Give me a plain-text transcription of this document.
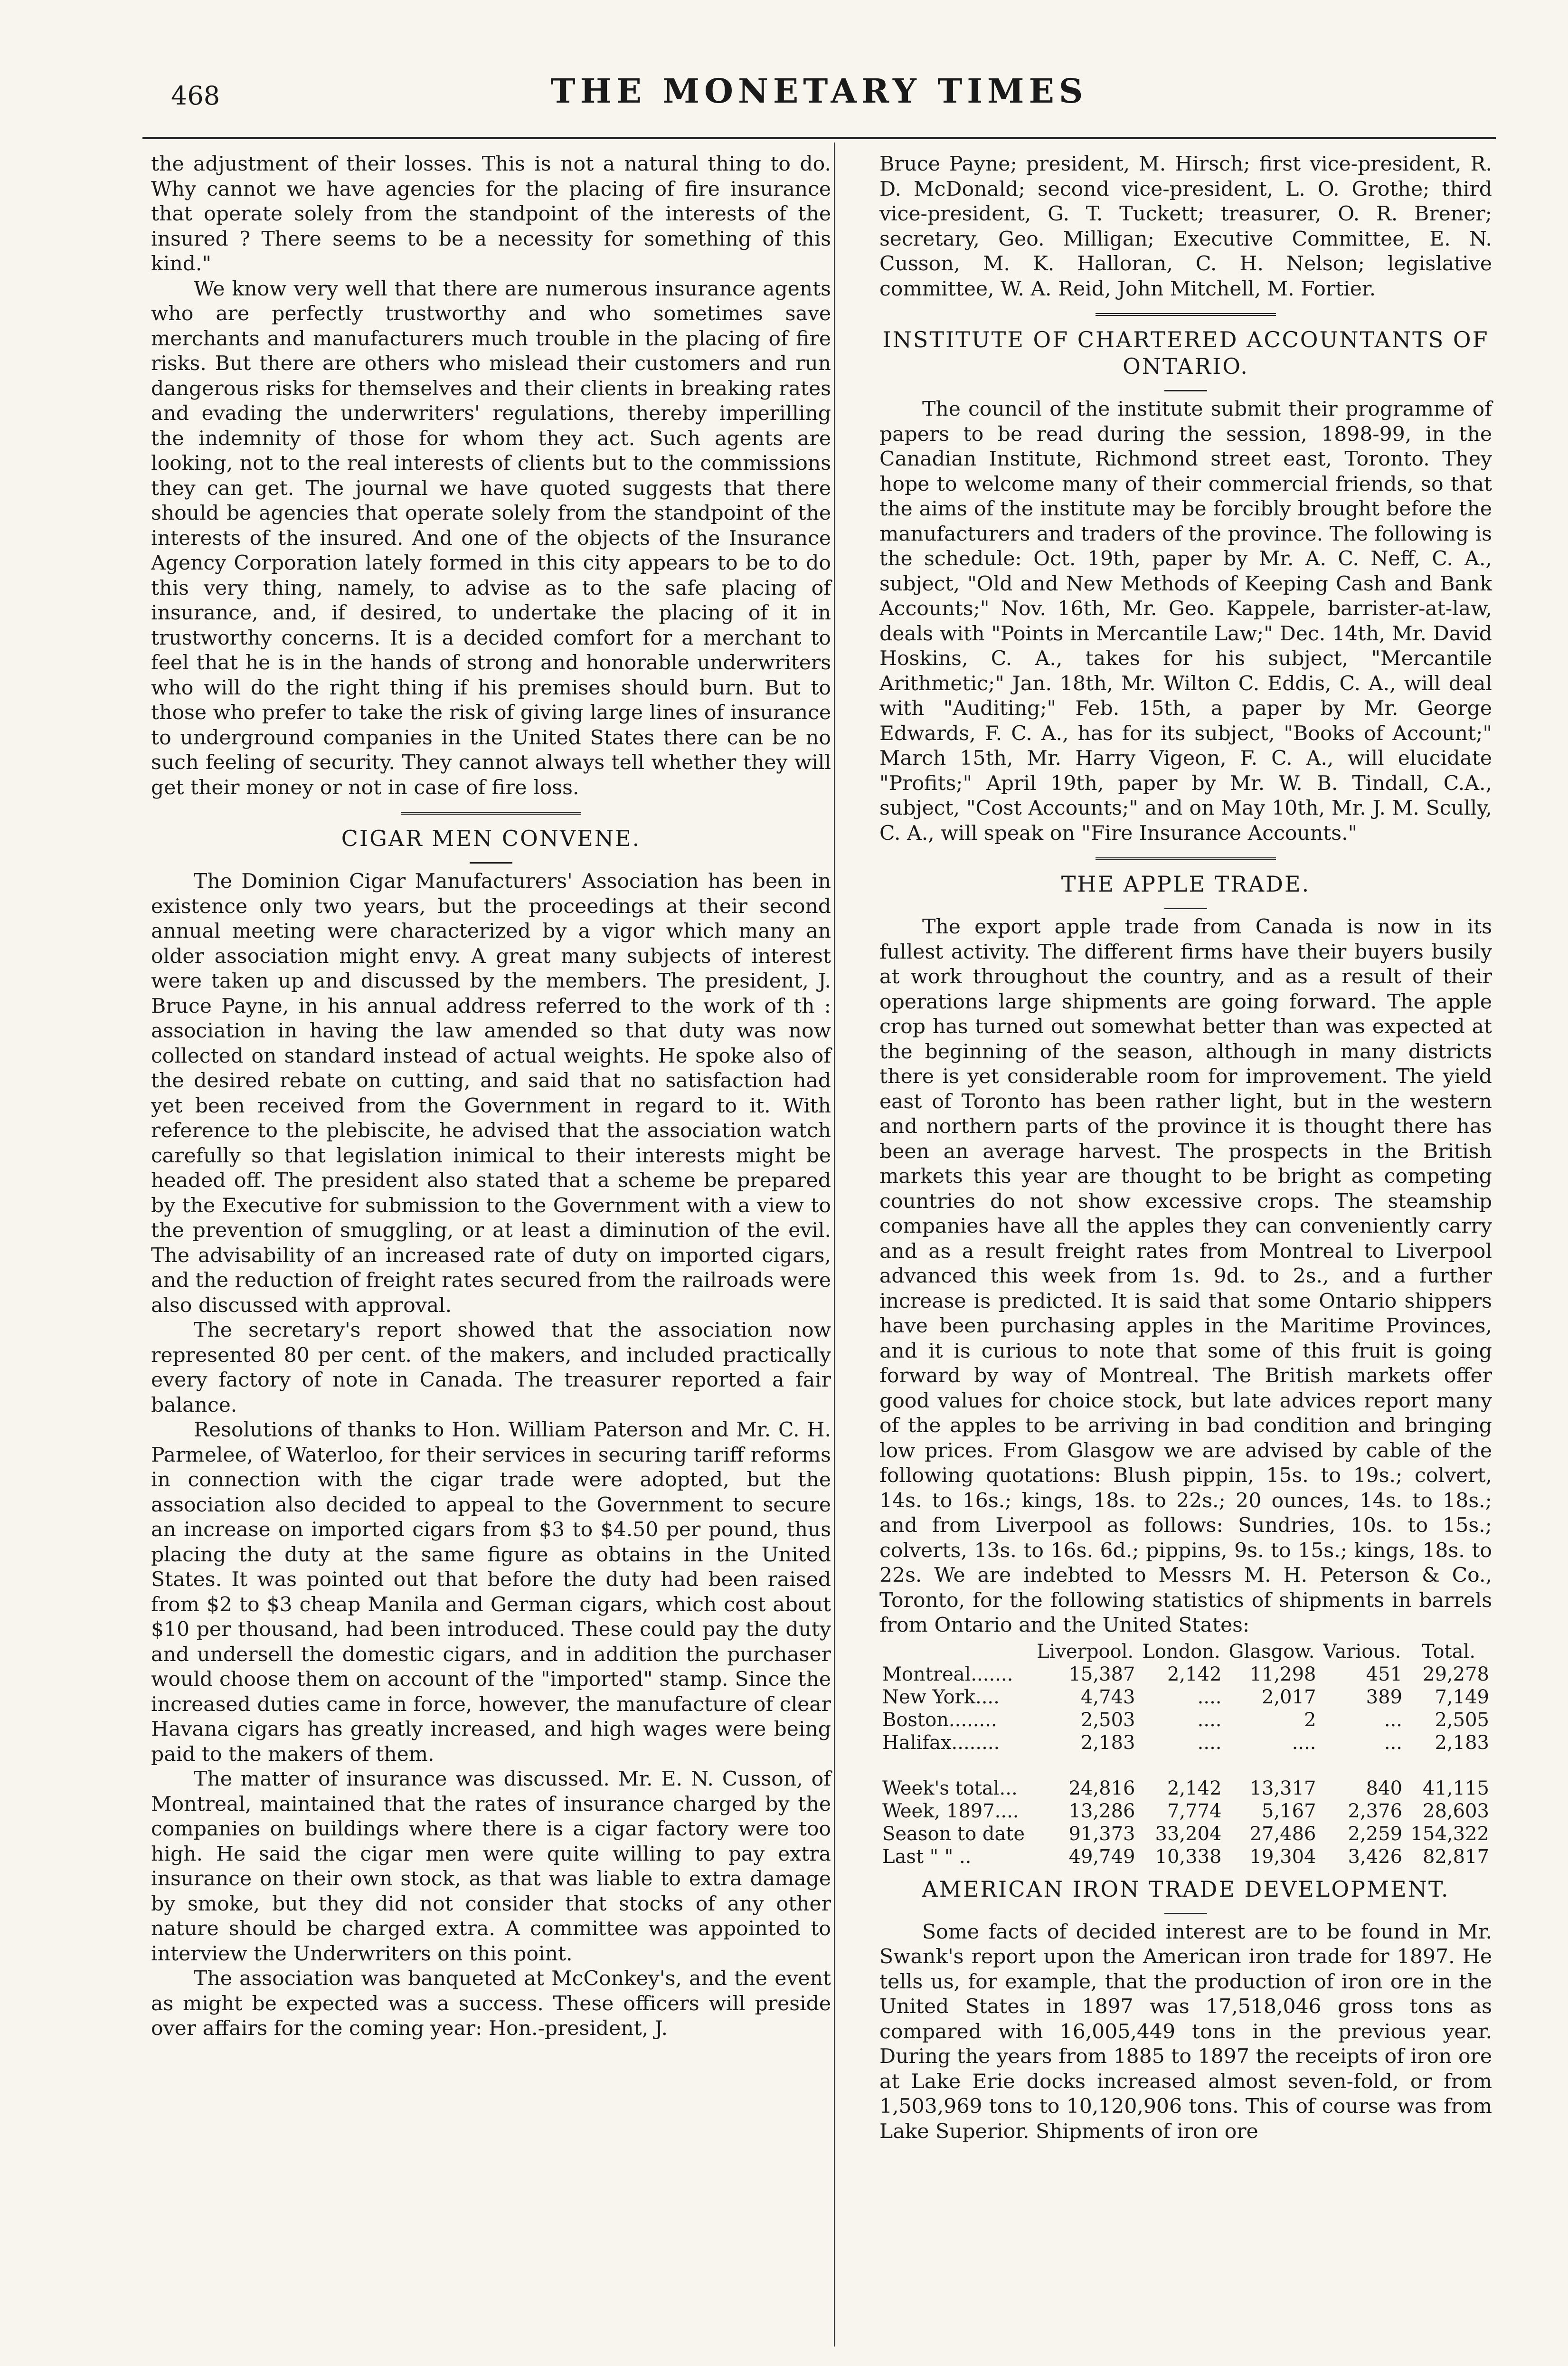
468	THE MONETARY TIMES

the adjustment of their losses. This is not a natural thing to do. Why cannot we have agencies for the placing of fire insurance that operate solely from the standpoint of the interests of the insured ? There seems to be a necessity for something of this kind."

We know very well that there are numerous insurance agents who are perfectly trustworthy and who sometimes save merchants and manufacturers much trouble in the placing of fire risks. But there are others who mislead their customers and run dangerous risks for themselves and their clients in breaking rates and evading the underwriters' regulations, thereby imperilling the indemnity of those for whom they act. Such agents are looking, not to the real interests of clients but to the commissions they can get. The journal we have quoted suggests that there should be agencies that operate solely from the standpoint of the interests of the insured. And one of the objects of the Insurance Agency Corporation lately formed in this city appears to be to do this very thing, namely, to advise as to the safe placing of insurance, and, if desired, to undertake the placing of it in trustworthy concerns. It is a decided comfort for a merchant to feel that he is in the hands of strong and honorable underwriters who will do the right thing if his premises should burn. But to those who prefer to take the risk of giving large lines of insurance to underground companies in the United States there can be no such feeling of security. They cannot always tell whether they will get their money or not in case of fire loss.

CIGAR MEN CONVENE.

The Dominion Cigar Manufacturers' Association has been in existence only two years, but the proceedings at their second annual meeting were characterized by a vigor which many an older association might envy. A great many subjects of interest were taken up and discussed by the members. The president, J. Bruce Payne, in his annual address referred to the work of th : association in having the law amended so that duty was now collected on standard instead of actual weights. He spoke also of the desired rebate on cutting, and said that no satisfaction had yet been received from the Government in regard to it. With reference to the plebiscite, he advised that the association watch carefully so that legislation inimical to their interests might be headed off. The president also stated that a scheme be prepared by the Executive for submission to the Government with a view to the prevention of smuggling, or at least a diminution of the evil. The advisability of an increased rate of duty on imported cigars, and the reduction of freight rates secured from the railroads were also discussed with approval.

The secretary's report showed that the association now represented 80 per cent. of the makers, and included practically every factory of note in Canada. The treasurer reported a fair balance.

Resolutions of thanks to Hon. William Paterson and Mr. C. H. Parmelee, of Waterloo, for their services in securing tariff reforms in connection with the cigar trade were adopted, but the association also decided to appeal to the Government to secure an increase on imported cigars from $3 to $4.50 per pound, thus placing the duty at the same figure as obtains in the United States. It was pointed out that before the duty had been raised from $2 to $3 cheap Manila and German cigars, which cost about $10 per thousand, had been introduced. These could pay the duty and undersell the domestic cigars, and in addition the purchaser would choose them on account of the "imported" stamp. Since the increased duties came in force, however, the manufacture of clear Havana cigars has greatly increased, and high wages were being paid to the makers of them.

The matter of insurance was discussed. Mr. E. N. Cusson, of Montreal, maintained that the rates of insurance charged by the companies on buildings where there is a cigar factory were too high. He said the cigar men were quite willing to pay extra insurance on their own stock, as that was liable to extra damage by smoke, but they did not consider that stocks of any other nature should be charged extra. A committee was appointed to interview the Underwriters on this point.

The association was banqueted at McConkey's, and the event as might be expected was a success. These officers will preside over affairs for the coming year: Hon.-president, J.

Bruce Payne; president, M. Hirsch; first vice-president, R. D. McDonald; second vice-president, L. O. Grothe; third vice-president, G. T. Tuckett; treasurer, O. R. Brener; secretary, Geo. Milligan; Executive Committee, E. N. Cusson, M. K. Halloran, C. H. Nelson; legislative committee, W. A. Reid, John Mitchell, M. Fortier.

INSTITUTE OF CHARTERED ACCOUNTANTS OF ONTARIO.

The council of the institute submit their programme of papers to be read during the session, 1898-99, in the Canadian Institute, Richmond street east, Toronto. They hope to welcome many of their commercial friends, so that the aims of the institute may be forcibly brought before the manufacturers and traders of the province. The following is the schedule: Oct. 19th, paper by Mr. A. C. Neff, C. A., subject, "Old and New Methods of Keeping Cash and Bank Accounts;" Nov. 16th, Mr. Geo. Kappele, barrister-at-law, deals with "Points in Mercantile Law;" Dec. 14th, Mr. David Hoskins, C. A., takes for his subject, "Mercantile Arithmetic;" Jan. 18th, Mr. Wilton C. Eddis, C. A., will deal with "Auditing;" Feb. 15th, a paper by Mr. George Edwards, F. C. A., has for its subject, "Books of Account;" March 15th, Mr. Harry Vigeon, F. C. A., will elucidate "Profits;" April 19th, paper by Mr. W. B. Tindall, C.A., subject, "Cost Accounts;" and on May 10th, Mr. J. M. Scully, C. A., will speak on "Fire Insurance Accounts."

THE APPLE TRADE.

The export apple trade from Canada is now in its fullest activity. The different firms have their buyers busily at work throughout the country, and as a result of their operations large shipments are going forward. The apple crop has turned out somewhat better than was expected at the beginning of the season, although in many districts there is yet considerable room for improvement. The yield east of Toronto has been rather light, but in the western and northern parts of the province it is thought there has been an average harvest. The prospects in the British markets this year are thought to be bright as competing countries do not show excessive crops. The steamship companies have all the apples they can conveniently carry and as a result freight rates from Montreal to Liverpool advanced this week from 1s. 9d. to 2s., and a further increase is predicted. It is said that some Ontario shippers have been purchasing apples in the Maritime Provinces, and it is curious to note that some of this fruit is going forward by way of Montreal. The British markets offer good values for choice stock, but late advices report many of the apples to be arriving in bad condition and bringing low prices. From Glasgow we are advised by cable of the following quotations: Blush pippin, 15s. to 19s.; colvert, 14s. to 16s.; kings, 18s. to 22s.; 20 ounces, 14s. to 18s.; and from Liverpool as follows: Sundries, 10s. to 15s.; colverts, 13s. to 16s. 6d.; pippins, 9s. to 15s.; kings, 18s. to 22s. We are indebted to Messrs M. H. Peterson & Co., Toronto, for the following statistics of shipments in barrels from Ontario and the United States:

	Liverpool.	London.	Glasgow.	Various.	Total.
Montreal.......	15,387	2,142	11,298	451	29,278
New York....	4,743	....	2,017	389	7,149
Boston........	2,503	....	2	...	2,505
Halifax........	2,183	....	....	...	2,183

Week's total...	24,816	2,142	13,317	840	41,115
Week, 1897....	13,286	7,774	5,167	2,376	28,603
Season to date	91,373	33,204	27,486	2,259	154,322
Last " " ..	49,749	10,338	19,304	3,426	82,817
AMERICAN IRON TRADE DEVELOPMENT.

Some facts of decided interest are to be found in Mr. Swank's report upon the American iron trade for 1897. He tells us, for example, that the production of iron ore in the United States in 1897 was 17,518,046 gross tons as compared with 16,005,449 tons in the previous year. During the years from 1885 to 1897 the receipts of iron ore at Lake Erie docks increased almost seven-fold, or from 1,503,969 tons to 10,120,906 tons. This of course was from Lake Superior. Shipments of iron ore
